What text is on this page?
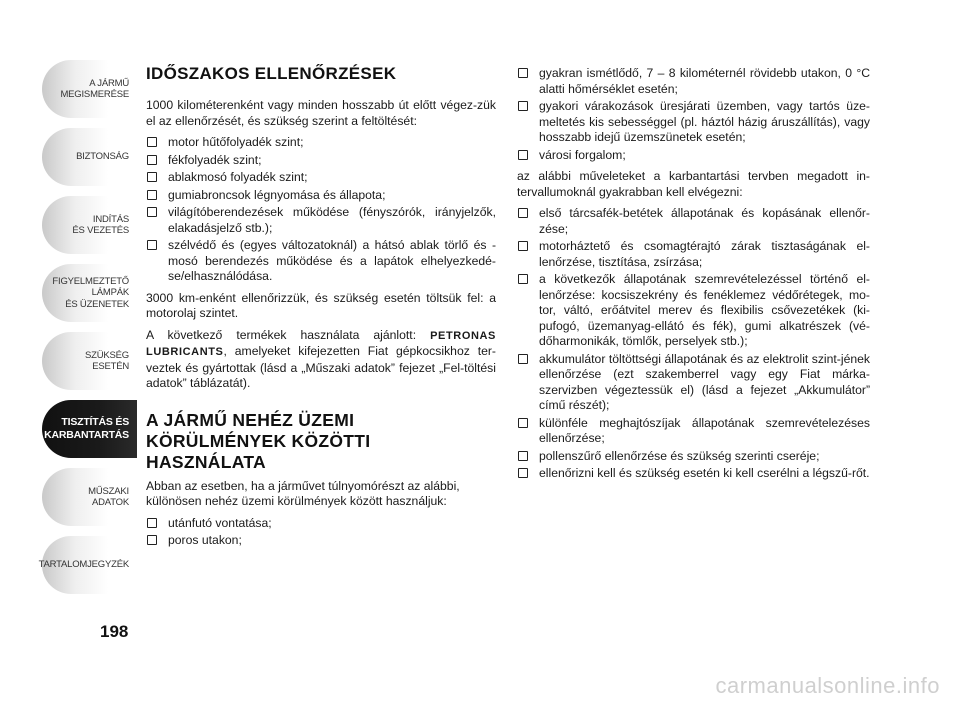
A JÁRMŰ
MEGISMERÉSE
BIZTONSÁG
INDÍTÁS
ÉS VEZETÉS
FIGYELMEZTETŐ
LÁMPÁK
ÉS ÜZENETEK
SZÜKSÉG
ESETÉN
TISZTÍTÁS ÉS
KARBANTARTÁS
MŰSZAKI
ADATOK
TARTALOMJEGYZÉK
198
IDŐSZAKOS ELLENŐRZÉSEK

1000 kilométerenként vagy minden hosszabb út előtt végez-zük el az ellenőrzését, és szükség szerint a feltöltését:

motor hűtőfolyadék szint;
fékfolyadék szint;
ablakmosó folyadék szint;
gumiabroncsok légnyomása és állapota;
világítóberendezések működése (fényszórók, irányjelzők, elakadásjelző stb.);
szélvédő és (egyes változatoknál) a hátsó ablak törlő és -mosó berendezés működése és a lapátok elhelyezkedé-se/elhasználódása.

3000 km-enként ellenőrizzük, és szükség esetén töltsük fel: a motorolaj szintet.

A következő termékek használata ajánlott: PETRONAS LUBRICANTS, amelyeket kifejezetten Fiat gépkocsikhoz ter-veztek és gyártottak (lásd a „Műszaki adatok” fejezet „Fel-töltési adatok” táblázatát).

A JÁRMŰ NEHÉZ ÜZEMI
KÖRÜLMÉNYEK KÖZÖTTI
HASZNÁLATA

Abban az esetben, ha a járművet túlnyomórészt az alábbi, különösen nehéz üzemi körülmények között használjuk:

utánfutó vontatása;
poros utakon;
gyakran ismétlődő, 7 – 8 kilométernél rövidebb utakon, 0 °C alatti hőmérséklet esetén;
gyakori várakozások üresjárati üzemben, vagy tartós üze-meltetés kis sebességgel (pl. háztól házig áruszállítás), vagy hosszabb idejű üzemszünetek esetén;
városi forgalom;

az alábbi műveleteket a karbantartási tervben megadott in-tervallumoknál gyakrabban kell elvégezni:

első tárcsafék-betétek állapotának és kopásának ellenőr-zése;
motorháztető és csomagtérajtó zárak tisztaságának el-lenőrzése, tisztítása, zsírzása;
a következők állapotának szemrevételezéssel történő el-lenőrzése: kocsiszekrény és fenéklemez védőrétegek, mo-tor, váltó, erőátvitel merev és flexibilis csővezetékek (ki-pufogó, üzemanyag-ellátó és fék), gumi alkatrészek (vé-dőharmonikák, tömlők, perselyek stb.);
akkumulátor töltöttségi állapotának és az elektrolit szint-jének ellenőrzése (ezt szakemberrel vagy egy Fiat márka-szervizben végeztessük el) (lásd a fejezet „Akkumulátor” című részét);
különféle meghajtószíjak állapotának szemrevételezéses ellenőrzése;
pollenszűrő ellenőrzése és szükség szerinti cseréje;
ellenőrizni kell és szükség esetén ki kell cserélni a légszű-rőt.
carmanualsonline.info
